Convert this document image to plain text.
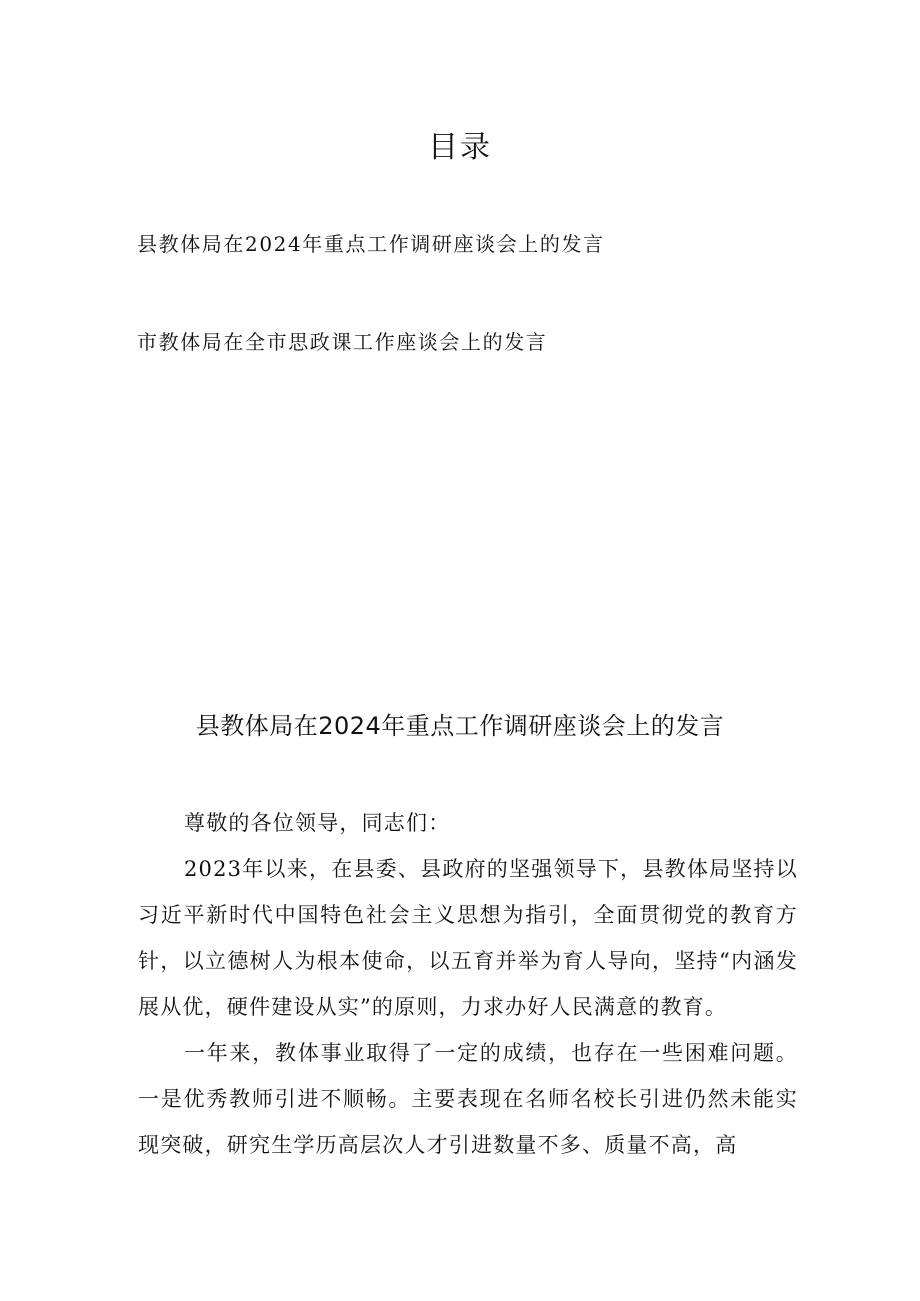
目录
县教体局在2024年重点工作调研座谈会上的发言
市教体局在全市思政课工作座谈会上的发言
县教体局在2024年重点工作调研座谈会上的发言

尊敬的各位领导，同志们：

2023年以来，在县委、县政府的坚强领导下，县教体局坚持以习近平新时代中国特色社会主义思想为指引，全面贯彻党的教育方针，以立德树人为根本使命，以五育并举为育人导向，坚持“内涵发展从优，硬件建设从实”的原则，力求办好人民满意的教育。

一年来，教体事业取得了一定的成绩，也存在一些困难问题。一是优秀教师引进不顺畅。主要表现在名师名校长引进仍然未能实现突破，研究生学历高层次人才引进数量不多、质量不高，高
